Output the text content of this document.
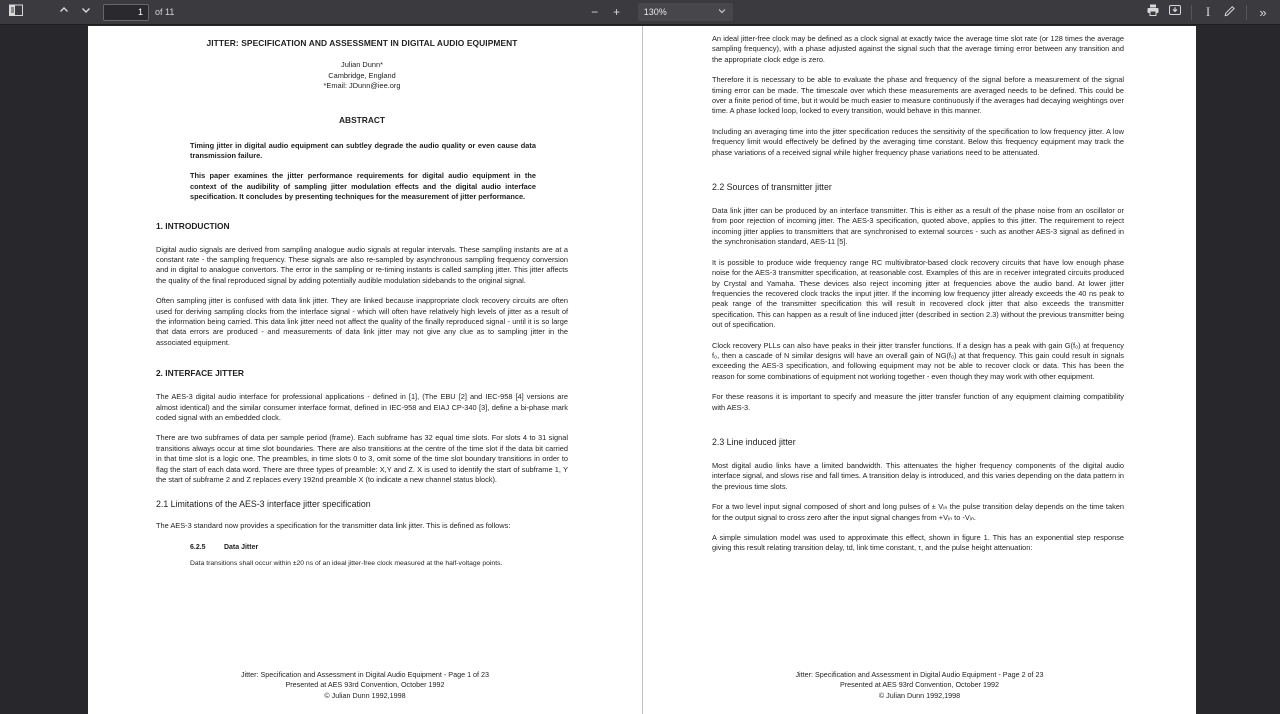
1
of 11	−	+	130%	I	»
JITTER: SPECIFICATION AND ASSESSMENT IN DIGITAL AUDIO EQUIPMENT
Julian Dunn*
Cambridge, England
*Email: JDunn@iee.org
ABSTRACT

Timing jitter in digital audio equipment can subtley degrade the audio quality or even cause data transmission failure.

This paper examines the jitter performance requirements for digital audio equipment in the context of the audibility of sampling jitter modulation effects and the digital audio interface specification. It concludes by presenting techniques for the measurement of jitter performance.

1. INTRODUCTION

Digital audio signals are derived from sampling analogue audio signals at regular intervals. These sampling instants are at a constant rate - the sampling frequency. These signals are also re-sampled by asynchronous sampling frequency conversion and in digital to analogue convertors. The error in the sampling or re-timing instants is called sampling jitter. This jitter affects the quality of the final reproduced signal by adding potentially audible modulation sidebands to the original signal.

Often sampling jitter is confused with data link jitter. They are linked because inappropriate clock recovery circuits are often used for deriving sampling clocks from the interface signal - which will often have relatively high levels of jitter as a result of the information being carried. This data link jitter need not affect the quality of the finally reproduced signal - until it is so large that data errors are produced - and measurements of data link jitter may not give any clue as to sampling jitter in the associated equipment.

2. INTERFACE JITTER

The AES-3 digital audio interface for professional applications - defined in [1], (The EBU [2] and IEC-958 [4] versions are almost identical) and the similar consumer interface format, defined in IEC-958 and EIAJ CP-340 [3], define a bi-phase mark coded signal with an embedded clock.

There are two subframes of data per sample period (frame). Each subframe has 32 equal time slots. For slots 4 to 31 signal transitions always occur at time slot boundaries. There are also transitions at the centre of the time slot if the data bit carried in that time slot is a logic one. The preambles, in time slots 0 to 3, omit some of the time slot boundary transitions in order to flag the start of each data word. There are three types of preamble: X,Y and Z. X is used to identify the start of subframe 1, Y the start of subframe 2 and Z replaces every 192nd preamble X (to indicate a new channel status block).

2.1 Limitations of the AES-3 interface jitter specification

The AES-3 standard now provides a specification for the transmitter data link jitter. This is defined as follows:

6.2.5	Data Jitter

Data transitions shall occur within ±20 ns of an ideal jitter-free clock measured at the half-voltage points.

Jitter: Specification and Assessment in Digital Audio Equipment - Page 1 of 23
Presented at AES 93rd Convention, October 1992
© Julian Dunn 1992,1998

An ideal jitter-free clock may be defined as a clock signal at exactly twice the average time slot rate (or 128 times the average sampling frequency), with a phase adjusted against the signal such that the average timing error between any transition and the appropriate clock edge is zero.

Therefore it is necessary to be able to evaluate the phase and frequency of the signal before a measurement of the signal timing error can be made. The timescale over which these measurements are averaged needs to be defined. This could be over a finite period of time, but it would be much easier to measure continuously if the averages had decaying weightings over time. A phase locked loop, locked to every transition, would behave in this manner.

Including an averaging time into the jitter specification reduces the sensitivity of the specification to low frequency jitter. A low frequency limit would effectively be defined by the averaging time constant. Below this frequency equipment may track the phase variations of a received signal while higher frequency phase variations need to be attenuated.

2.2 Sources of transmitter jitter

Data link jitter can be produced by an interface transmitter. This is either as a result of the phase noise from an oscillator or from poor rejection of incoming jitter. The AES-3 specification, quoted above, applies to this jitter. The requirement to reject incoming jitter applies to transmitters that are synchronised to external sources - such as another AES-3 signal as defined in the synchronisation standard, AES-11 [5].

It is possible to produce wide frequency range RC multivibrator-based clock recovery circuits that have low enough phase noise for the AES-3 transmitter specification, at reasonable cost. Examples of this are in receiver integrated circuits produced by Crystal and Yamaha. These devices also reject incoming jitter at frequencies above the audio band. At lower jitter frequencies the recovered clock tracks the input jitter. If the incoming low frequency jitter already exceeds the 40 ns peak to peak range of the transmitter specification this will result in recovered clock jitter that also exceeds the transmitter specification. This can happen as a result of line induced jitter (described in section 2.3) without the previous transmitter being out of specification.

Clock recovery PLLs can also have peaks in their jitter transfer functions. If a design has a peak with gain G(f₀) at frequency f₀, then a cascade of N similar designs will have an overall gain of NG(f₀) at that frequency. This gain could result in signals exceeding the AES-3 specification, and following equipment may not be able to recover clock or data. This has been the reason for some combinations of equipment not working together - even though they may work with other equipment.

For these reasons it is important to specify and measure the jitter transfer function of any equipment claiming compatibility with AES-3.

2.3 Line induced jitter

Most digital audio links have a limited bandwidth. This attenuates the higher frequency components of the digital audio interface signal, and slows rise and fall times. A transition delay is introduced, and this varies depending on the data pattern in the previous time slots.

For a two level input signal composed of short and long pulses of ± Vᵢₙ the pulse transition delay depends on the time taken for the output signal to cross zero after the input signal changes from +Vᵢₙ to -Vᵢₙ.

A simple simulation model was used to approximate this effect, shown in figure 1. This has an exponential step response giving this result relating transition delay, td, link time constant, τ, and the pulse height attenuation:

Jitter: Specification and Assessment in Digital Audio Equipment - Page 2 of 23
Presented at AES 93rd Convention, October 1992
© Julian Dunn 1992,1998
